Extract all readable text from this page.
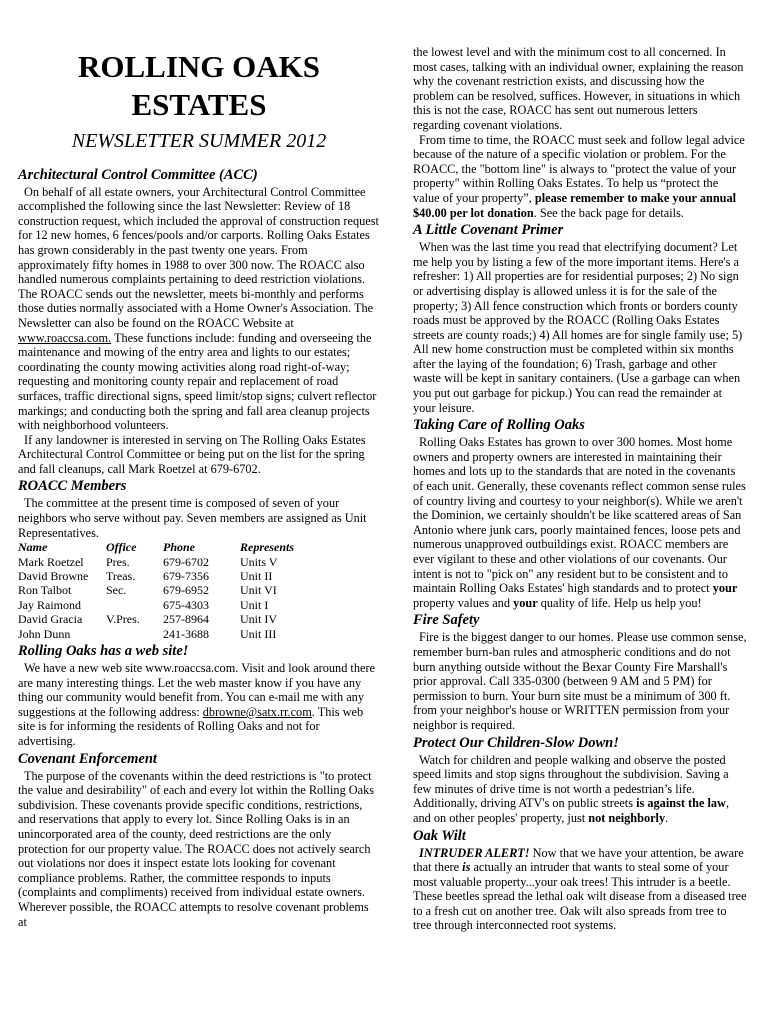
ROLLING OAKS
ESTATES
NEWSLETTER SUMMER 2012
Architectural Control Committee (ACC)

On behalf of all estate owners, your Architectural Control Committee accomplished the following since the last Newsletter: Review of 18 construction request, which included the approval of construction request for 12 new homes, 6 fences/pools and/or carports. Rolling Oaks Estates has grown considerably in the past twenty one years. From approximately fifty homes in 1988 to over 300 now. The ROACC also handled numerous complaints pertaining to deed restriction violations. The ROACC sends out the newsletter, meets bi-monthly and performs those duties normally associated with a Home Owner's Association. The Newsletter can also be found on the ROACC Website at www.roaccsa.com. These functions include: funding and overseeing the maintenance and mowing of the entry area and lights to our estates; coordinating the county mowing activities along road right-of-way; requesting and monitoring county repair and replacement of road surfaces, traffic directional signs, speed limit/stop signs; culvert reflector markings; and conducting both the spring and fall area cleanup projects with neighborhood volunteers.

If any landowner is interested in serving on The Rolling Oaks Estates Architectural Control Committee or being put on the list for the spring and fall cleanups, call Mark Roetzel at 679-6702.

ROACC Members

The committee at the present time is composed of seven of your neighbors who serve without pay. Seven members are assigned as Unit Representatives.

Name	Office	Phone	Represents
Mark Roetzel	Pres.	679-6702	Units V
David Browne	Treas.	679-7356	Unit II
Ron Talbot	Sec.	679-6952	Unit VI
Jay Raimond		675-4303	Unit I
David Gracia	V.Pres.	257-8964	Unit IV
John Dunn		241-3688	Unit III
Rolling Oaks has a web site!

We have a new web site www.roaccsa.com. Visit and look around there are many interesting things. Let the web master know if you have any thing our community would benefit from. You can e-mail me with any suggestions at the following address: dbrowne@satx.rr.com. This web site is for informing the residents of Rolling Oaks and not for advertising.

Covenant Enforcement

The purpose of the covenants within the deed restrictions is "to protect the value and desirability" of each and every lot within the Rolling Oaks subdivision. These covenants provide specific conditions, restrictions, and reservations that apply to every lot. Since Rolling Oaks is in an unincorporated area of the county, deed restrictions are the only protection for our property value. The ROACC does not actively search out violations nor does it inspect estate lots looking for covenant compliance problems. Rather, the committee responds to inputs (complaints and compliments) received from individual estate owners. Wherever possible, the ROACC attempts to resolve covenant problems at

the lowest level and with the minimum cost to all concerned. In most cases, talking with an individual owner, explaining the reason why the covenant restriction exists, and discussing how the problem can be resolved, suffices. However, in situations in which this is not the case, ROACC has sent out numerous letters regarding covenant violations.

From time to time, the ROACC must seek and follow legal advice because of the nature of a specific violation or problem. For the ROACC, the "bottom line" is always to "protect the value of your property" within Rolling Oaks Estates. To help us “protect the value of your property”, please remember to make your annual $40.00 per lot donation. See the back page for details.

A Little Covenant Primer

When was the last time you read that electrifying document? Let me help you by listing a few of the more important items. Here's a refresher: 1) All properties are for residential purposes; 2) No sign or advertising display is allowed unless it is for the sale of the property; 3) All fence construction which fronts or borders county roads must be approved by the ROACC (Rolling Oaks Estates streets are county roads;) 4) All homes are for single family use; 5) All new home construction must be completed within six months after the laying of the foundation; 6) Trash, garbage and other waste will be kept in sanitary containers. (Use a garbage can when you put out garbage for pickup.) You can read the remainder at your leisure.

Taking Care of Rolling Oaks

Rolling Oaks Estates has grown to over 300 homes. Most home owners and property owners are interested in maintaining their homes and lots up to the standards that are noted in the covenants of each unit. Generally, these covenants reflect common sense rules of country living and courtesy to your neighbor(s). While we aren't the Dominion, we certainly shouldn't be like scattered areas of San Antonio where junk cars, poorly maintained fences, loose pets and numerous unapproved outbuildings exist. ROACC members are ever vigilant to these and other violations of our covenants. Our intent is not to "pick on" any resident but to be consistent and to maintain Rolling Oaks Estates' high standards and to protect your property values and your quality of life. Help us help you!

Fire Safety

Fire is the biggest danger to our homes. Please use common sense, remember burn-ban rules and atmospheric conditions and do not burn anything outside without the Bexar County Fire Marshall's prior approval. Call 335-0300 (between 9 AM and 5 PM) for permission to burn. Your burn site must be a minimum of 300 ft. from your neighbor's house or WRITTEN permission from your neighbor is required.

Protect Our Children-Slow Down!

Watch for children and people walking and observe the posted speed limits and stop signs throughout the subdivision. Saving a few minutes of drive time is not worth a pedestrian’s life. Additionally, driving ATV's on public streets is against the law, and on other peoples' property, just not neighborly.

Oak Wilt

INTRUDER ALERT! Now that we have your attention, be aware that there is actually an intruder that wants to steal some of your most valuable property...your oak trees! This intruder is a beetle. These beetles spread the lethal oak wilt disease from a diseased tree to a fresh cut on another tree. Oak wilt also spreads from tree to tree through interconnected root systems.
